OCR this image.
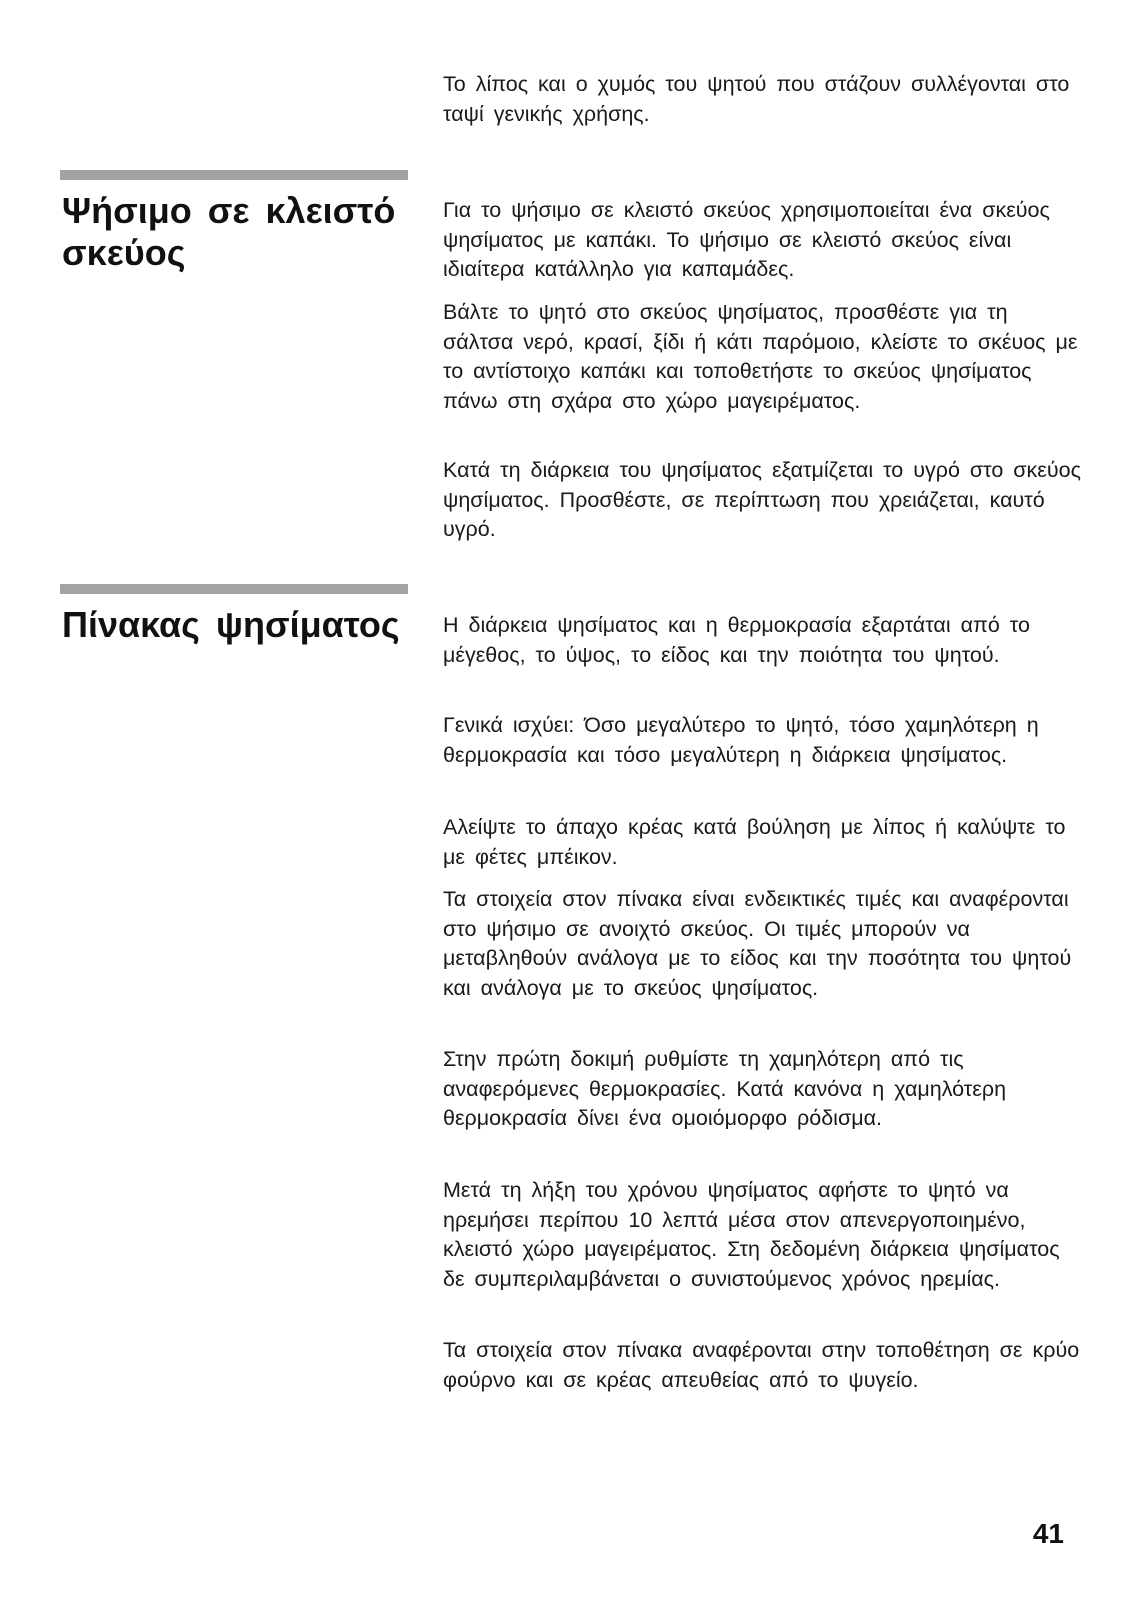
Το λίπος και ο χυμός του ψητού που στάζουν συλλέγονται στο ταψί γενικής χρήσης.

Ψήσιμο σε κλειστό σκεύος

Για το ψήσιμο σε κλειστό σκεύος χρησιμοποιείται ένα σκεύος ψησίματος με καπάκι. Το ψήσιμο σε κλειστό σκεύος είναι ιδιαίτερα κατάλληλο για καπαμάδες.

Βάλτε το ψητό στο σκεύος ψησίματος, προσθέστε για τη σάλτσα νερό, κρασί, ξίδι ή κάτι παρόμοιο, κλείστε το σκέυος με το αντίστοιχο καπάκι και τοποθετήστε το σκεύος ψησίματος πάνω στη σχάρα στο χώρο μαγειρέματος.

Κατά τη διάρκεια του ψησίματος εξατμίζεται το υγρό στο σκεύος ψησίματος. Προσθέστε, σε περίπτωση που χρειάζεται, καυτό υγρό.

Πίνακας ψησίματος Η διάρκεια ψησίματος και η θερμοκρασία εξαρτάται από το μέγεθος, το ύψος, το είδος και την ποιότητα του ψητού.

Γενικά ισχύει: Όσο μεγαλύτερο το ψητό, τόσο χαμηλότερη η θερμοκρασία και τόσο μεγαλύτερη η διάρκεια ψησίματος.

Αλείψτε το άπαχο κρέας κατά βούληση με λίπος ή καλύψτε το με φέτες μπέικον.

Τα στοιχεία στον πίνακα είναι ενδεικτικές τιμές και αναφέρονται στο ψήσιμο σε ανοιχτό σκεύος. Οι τιμές μπορούν να μεταβληθούν ανάλογα με το είδος και την ποσότητα του ψητού και ανάλογα με το σκεύος ψησίματος.

Στην πρώτη δοκιμή ρυθμίστε τη χαμηλότερη από τις αναφερόμενες θερμοκρασίες. Κατά κανόνα η χαμηλότερη θερμοκρασία δίνει ένα ομοιόμορφο ρόδισμα.

Μετά τη λήξη του χρόνου ψησίματος αφήστε το ψητό να ηρεμήσει περίπου 10 λεπτά μέσα στον απενεργοποιημένο, κλειστό χώρο μαγειρέματος. Στη δεδομένη διάρκεια ψησίματος δε συμπεριλαμβάνεται ο συνιστούμενος χρόνος ηρεμίας.

Τα στοιχεία στον πίνακα αναφέρονται στην τοποθέτηση σε κρύο φούρνο και σε κρέας απευθείας από το ψυγείο.

41
